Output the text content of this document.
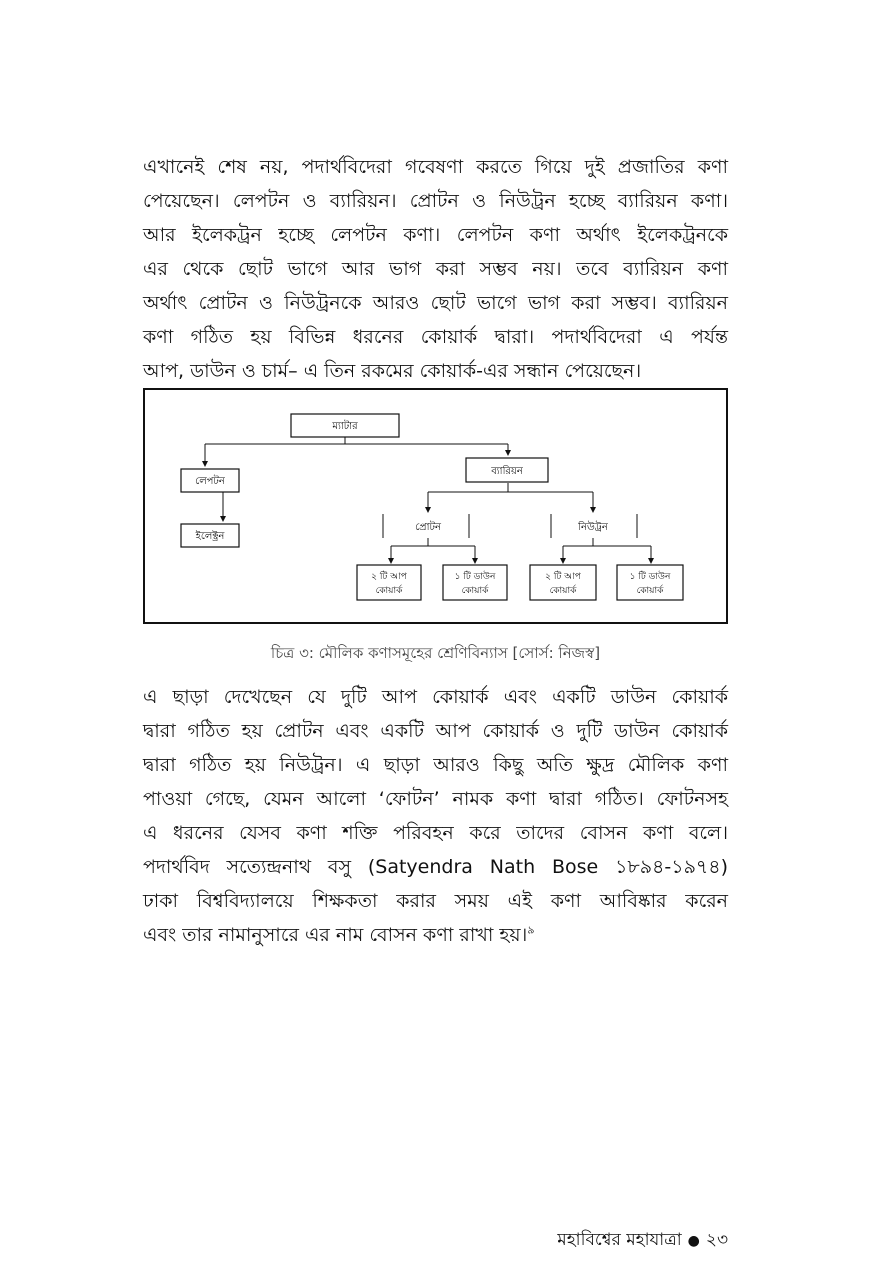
এখানেই শেষ নয়, পদার্থবিদেরা গবেষণা করতে গিয়ে দুই প্রজাতির কণা
পেয়েছেন। লেপটন ও ব্যারিয়ন। প্রোটন ও নিউট্রন হচ্ছে ব্যারিয়ন কণা।
আর ইলেকট্রন হচ্ছে লেপটন কণা। লেপটন কণা অর্থাৎ ইলেকট্রনকে
এর থেকে ছোট ভাগে আর ভাগ করা সম্ভব নয়। তবে ব্যারিয়ন কণা
অর্থাৎ প্রোটন ও নিউট্রনকে আরও ছোট ভাগে ভাগ করা সম্ভব। ব্যারিয়ন
কণা গঠিত হয় বিভিন্ন ধরনের কোয়ার্ক দ্বারা। পদার্থবিদেরা এ পর্যন্ত
আপ, ডাউন ও চার্ম– এ তিন রকমের কোয়ার্ক-এর সন্ধান পেয়েছেন।
ম্যাটার
লেপটন
ইলেক্ট্রন
ব্যারিয়ন
প্রোটন	নিউট্রন
২ টি আপ
কোয়ার্ক
১ টি ডাউন
কোয়ার্ক
২ টি আপ
কোয়ার্ক
১ টি ডাউন
কোয়ার্ক
চিত্র ৩: মৌলিক কণাসমূহের শ্রেণিবিন্যাস [সোর্স: নিজস্ব]
এ ছাড়া দেখেছেন যে দুটি আপ কোয়ার্ক এবং একটি ডাউন কোয়ার্ক
দ্বারা গঠিত হয় প্রোটন এবং একটি আপ কোয়ার্ক ও দুটি ডাউন কোয়ার্ক
দ্বারা গঠিত হয় নিউট্রন। এ ছাড়া আরও কিছু অতি ক্ষুদ্র মৌলিক কণা
পাওয়া গেছে, যেমন আলো ‘ফোটন’ নামক কণা দ্বারা গঠিত। ফোটনসহ
এ ধরনের যেসব কণা শক্তি পরিবহন করে তাদের বোসন কণা বলে।
পদার্থবিদ সত্যেন্দ্রনাথ বসু (Satyendra Nath Bose ১৮৯৪-১৯৭৪)
ঢাকা বিশ্ববিদ্যালয়ে শিক্ষকতা করার সময় এই কণা আবিষ্কার করেন
এবং তার নামানুসারে এর নাম বোসন কণা রাখা হয়।$^৯$
মহাবিশ্বের মহাযাত্রা ● ২৩
